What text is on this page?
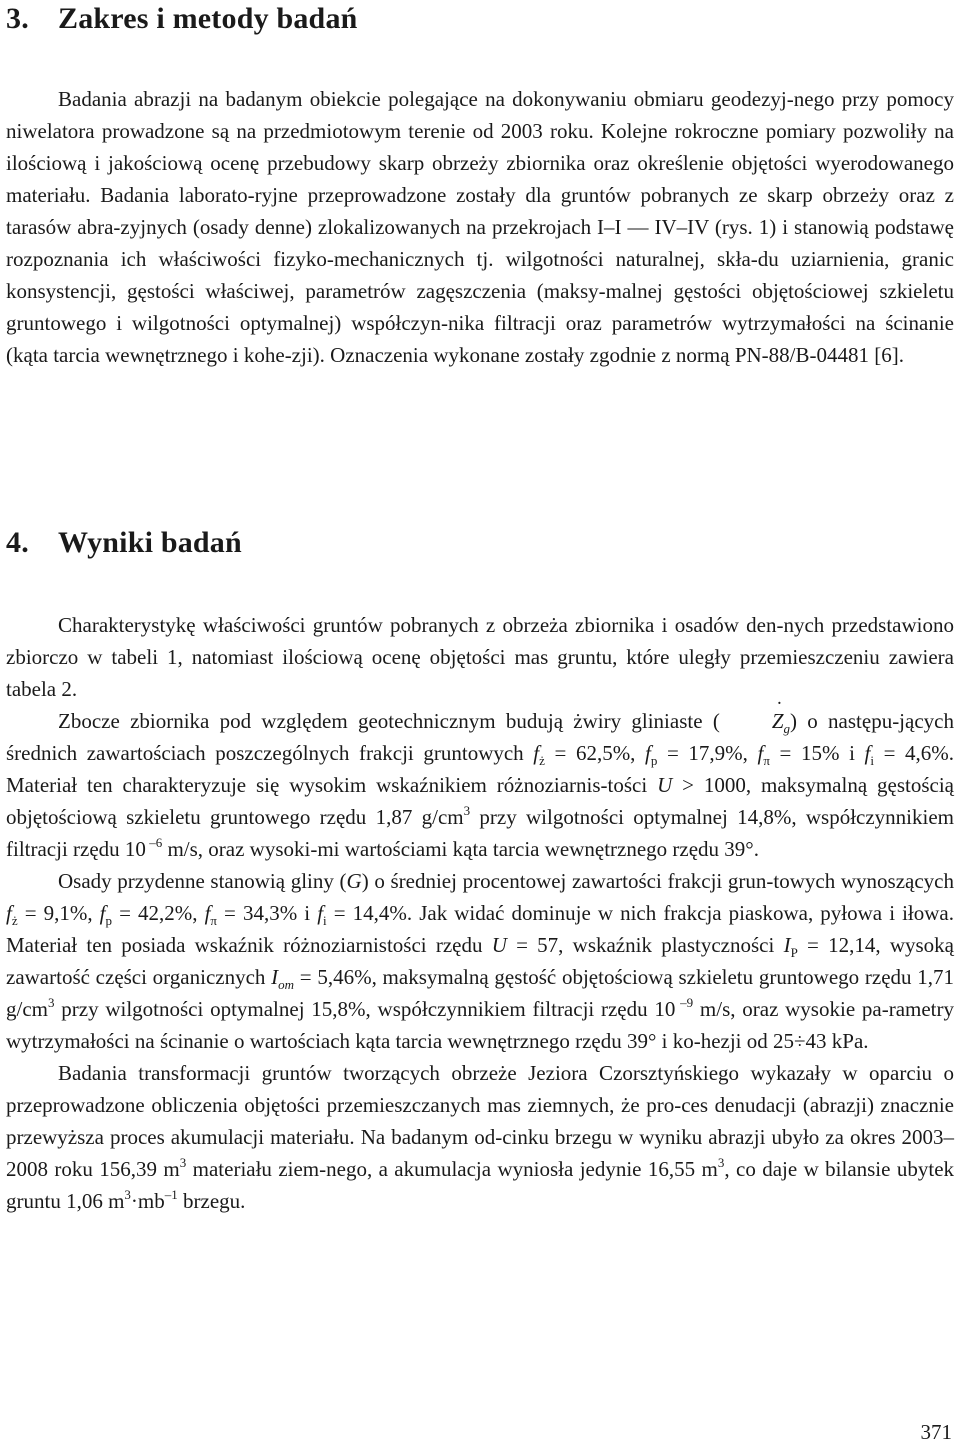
3. Zakres i metody badań

Badania abrazji na badanym obiekcie polegające na dokonywaniu obmiaru geodezyj-nego przy pomocy niwelatora prowadzone są na przedmiotowym terenie od 2003 roku. Kolejne rokroczne pomiary pozwoliły na ilościową i jakościową ocenę przebudowy skarp obrzeży zbiornika oraz określenie objętości wyerodowanego materiału. Badania laborato-ryjne przeprowadzone zostały dla gruntów pobranych ze skarp obrzeży oraz z tarasów abra-zyjnych (osady denne) zlokalizowanych na przekrojach I–I — IV–IV (rys. 1) i stanowią podstawę rozpoznania ich właściwości fizyko-mechanicznych tj. wilgotności naturalnej, skła-du uziarnienia, granic konsystencji, gęstości właściwej, parametrów zagęszczenia (maksy-malnej gęstości objętościowej szkieletu gruntowego i wilgotności optymalnej) współczyn-nika filtracji oraz parametrów wytrzymałości na ścinanie (kąta tarcia wewnętrznego i kohe-zji). Oznaczenia wykonane zostały zgodnie z normą PN-88/B-04481 [6].

4. Wyniki badań

Charakterystykę właściwości gruntów pobranych z obrzeża zbiornika i osadów den-nych przedstawiono zbiorczo w tabeli 1, natomiast ilościową ocenę objętości mas gruntu, które uległy przemieszczeniu zawiera tabela 2.

Zbocze zbiornika pod względem geotechnicznym budują żwiry gliniaste (˙ $Z_g$) o następu-jących średnich zawartościach poszczególnych frakcji gruntowych $f_ż = 62,5\%$, $f_p = 17,9\%$, $f_\pi = 15\%$ i $f_i = 4,6\%$. Materiał ten charakteryzuje się wysokim wskaźnikiem różnoziarnis-tości U > 1000, maksymalną gęstością objętościową szkieletu gruntowego rzędu 1,87 $g/cm^3$ przy wilgotności optymalnej 14,8%, współczynnikiem filtracji rzędu 10 $^{-6}$ m/s, oraz wysoki-mi wartościami kąta tarcia wewnętrznego rzędu 39°.

Osady przydenne stanowią gliny (G) o średniej procentowej zawartości frakcji grun-towych wynoszących $f_ż = 9,1\%$, $f_p = 42,2\%$, $f_\pi = 34,3\%$ i $f_i = 14,4\%$. Jak widać dominuje w nich frakcja piaskowa, pyłowa i iłowa. Materiał ten posiada wskaźnik różnoziarnistości rzędu U = 57, wskaźnik plastyczności $I_P = 12,14$, wysoką zawartość części organicznych $I_{om} = 5,46\%$, maksymalną gęstość objętościową szkieletu gruntowego rzędu 1,71 $g/cm^3$ przy wilgotności optymalnej 15,8%, współczynnikiem filtracji rzędu 10 $^{-9}$ m/s, oraz wysokie pa-rametry wytrzymałości na ścinanie o wartościach kąta tarcia wewnętrznego rzędu 39° i ko-hezji od 25÷43 kPa.

Badania transformacji gruntów tworzących obrzeże Jeziora Czorsztyńskiego wykazały w oparciu o przeprowadzone obliczenia objętości przemieszczanych mas ziemnych, że pro-ces denudacji (abrazji) znacznie przewyższa proces akumulacji materiału. Na badanym od-cinku brzegu w wyniku abrazji ubyło za okres 2003–2008 roku 156,39 $m^3$ materiału ziem-nego, a akumulacja wyniosła jedynie 16,55 $m^3$, co daje w bilansie ubytek gruntu 1,06 $m^3\cdot mb^{-1}$ brzegu.

371
